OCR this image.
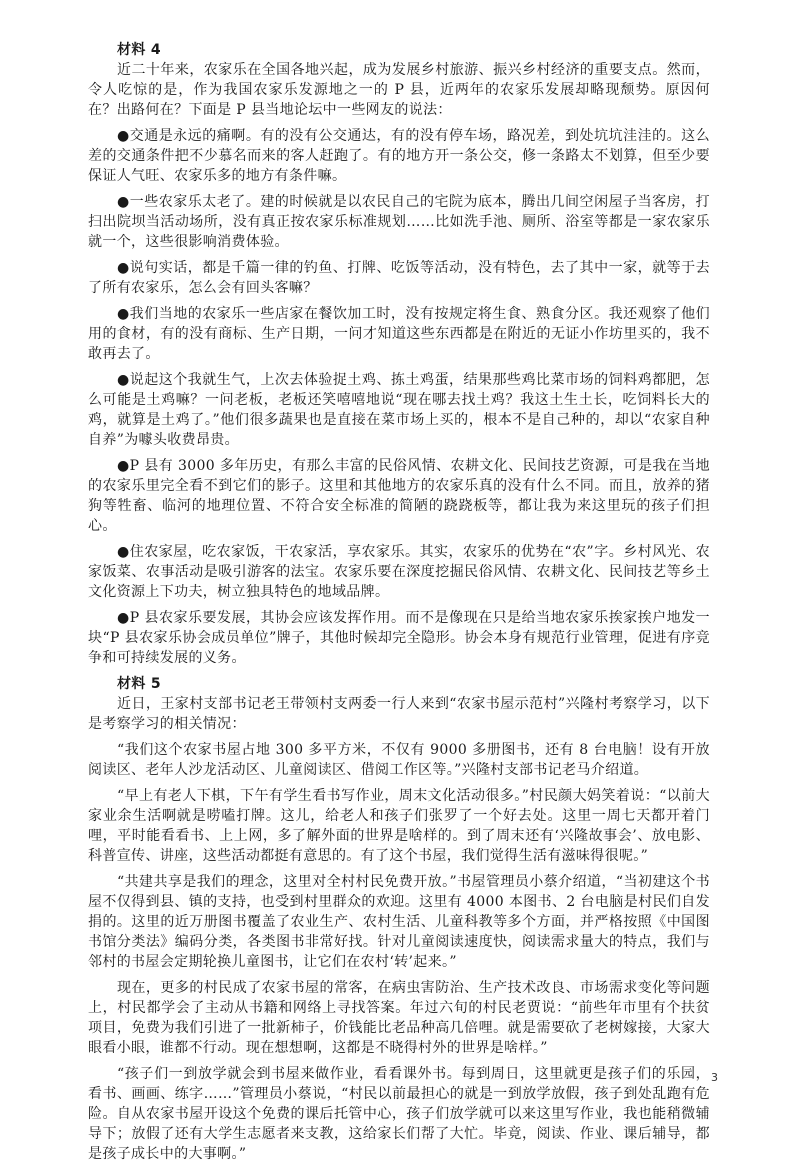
材料 4

近二十年来，农家乐在全国各地兴起，成为发展乡村旅游、振兴乡村经济的重要支点。然而，令人吃惊的是，作为我国农家乐发源地之一的 P 县，近两年的农家乐发展却略现颓势。原因何在？出路何在？下面是 P 县当地论坛中一些网友的说法：

●交通是永远的痛啊。有的没有公交通达，有的没有停车场，路况差，到处坑坑洼洼的。这么差的交通条件把不少慕名而来的客人赶跑了。有的地方开一条公交，修一条路太不划算，但至少要保证人气旺、农家乐多的地方有条件嘛。
●一些农家乐太老了。建的时候就是以农民自己的宅院为底本，腾出几间空闲屋子当客房，打扫出院坝当活动场所，没有真正按农家乐标准规划……比如洗手池、厕所、浴室等都是一家农家乐就一个，这些很影响消费体验。
●说句实话，都是千篇一律的钓鱼、打牌、吃饭等活动，没有特色，去了其中一家，就等于去了所有农家乐，怎么会有回头客嘛？
●我们当地的农家乐一些店家在餐饮加工时，没有按规定将生食、熟食分区。我还观察了他们用的食材，有的没有商标、生产日期，一问才知道这些东西都是在附近的无证小作坊里买的，我不敢再去了。
●说起这个我就生气，上次去体验捉土鸡、拣土鸡蛋，结果那些鸡比菜市场的饲料鸡都肥，怎么可能是土鸡嘛？一问老板，老板还笑嘻嘻地说“现在哪去找土鸡？我这土生土长，吃饲料长大的鸡，就算是土鸡了。”他们很多蔬果也是直接在菜市场上买的，根本不是自己种的，却以“农家自种自养”为噱头收费昂贵。
●P 县有 3000 多年历史，有那么丰富的民俗风情、农耕文化、民间技艺资源，可是我在当地的农家乐里完全看不到它们的影子。这里和其他地方的农家乐真的没有什么不同。而且，放养的猪狗等牲畜、临河的地理位置、不符合安全标准的简陋的跷跷板等，都让我为来这里玩的孩子们担心。
●住农家屋，吃农家饭，干农家活，享农家乐。其实，农家乐的优势在“农”字。乡村风光、农家饭菜、农事活动是吸引游客的法宝。农家乐要在深度挖掘民俗风情、农耕文化、民间技艺等乡土文化资源上下功夫，树立独具特色的地域品牌。
●P 县农家乐要发展，其协会应该发挥作用。而不是像现在只是给当地农家乐挨家挨户地发一块“P 县农家乐协会成员单位”牌子，其他时候却完全隐形。协会本身有规范行业管理，促进有序竞争和可持续发展的义务。

材料 5

近日，王家村支部书记老王带领村支两委一行人来到“农家书屋示范村”兴隆村考察学习，以下是考察学习的相关情况：

“我们这个农家书屋占地 300 多平方米，不仅有 9000 多册图书，还有 8 台电脑！设有开放阅读区、老年人沙龙活动区、儿童阅读区、借阅工作区等。”兴隆村支部书记老马介绍道。

“早上有老人下棋，下午有学生看书写作业，周末文化活动很多。”村民颜大妈笑着说：“以前大家业余生活啊就是唠嗑打牌。这儿，给老人和孩子们张罗了一个好去处。这里一周七天都开着门哩，平时能看看书、上上网，多了解外面的世界是啥样的。到了周末还有‘兴隆故事会’、放电影、科普宣传、讲座，这些活动都挺有意思的。有了这个书屋，我们觉得生活有滋味得很呢。”

“共建共享是我们的理念，这里对全村村民免费开放。”书屋管理员小蔡介绍道，“当初建这个书屋不仅得到县、镇的支持，也受到村里群众的欢迎。这里有 4000 本图书、2 台电脑是村民们自发捐的。这里的近万册图书覆盖了农业生产、农村生活、儿童科教等多个方面，并严格按照《中国图书馆分类法》编码分类，各类图书非常好找。针对儿童阅读速度快，阅读需求量大的特点，我们与邻村的书屋会定期轮换儿童图书，让它们在农村‘转’起来。”

现在，更多的村民成了农家书屋的常客，在病虫害防治、生产技术改良、市场需求变化等问题上，村民都学会了主动从书籍和网络上寻找答案。年过六旬的村民老贾说：“前些年市里有个扶贫项目，免费为我们引进了一批新柿子，价钱能比老品种高几倍哩。就是需要砍了老树嫁接，大家大眼看小眼，谁都不行动。现在想想啊，这都是不晓得村外的世界是啥样。”

“孩子们一到放学就会到书屋来做作业，看看课外书。每到周日，这里就更是孩子们的乐园，看书、画画、练字……”管理员小蔡说，“村民以前最担心的就是一到放学放假，孩子到处乱跑有危险。自从农家书屋开设这个免费的课后托管中心，孩子们放学就可以来这里写作业，我也能稍微辅导下；放假了还有大学生志愿者来支教，这给家长们帮了大忙。毕竟，阅读、作业、课后辅导，都是孩子成长中的大事啊。”

3
